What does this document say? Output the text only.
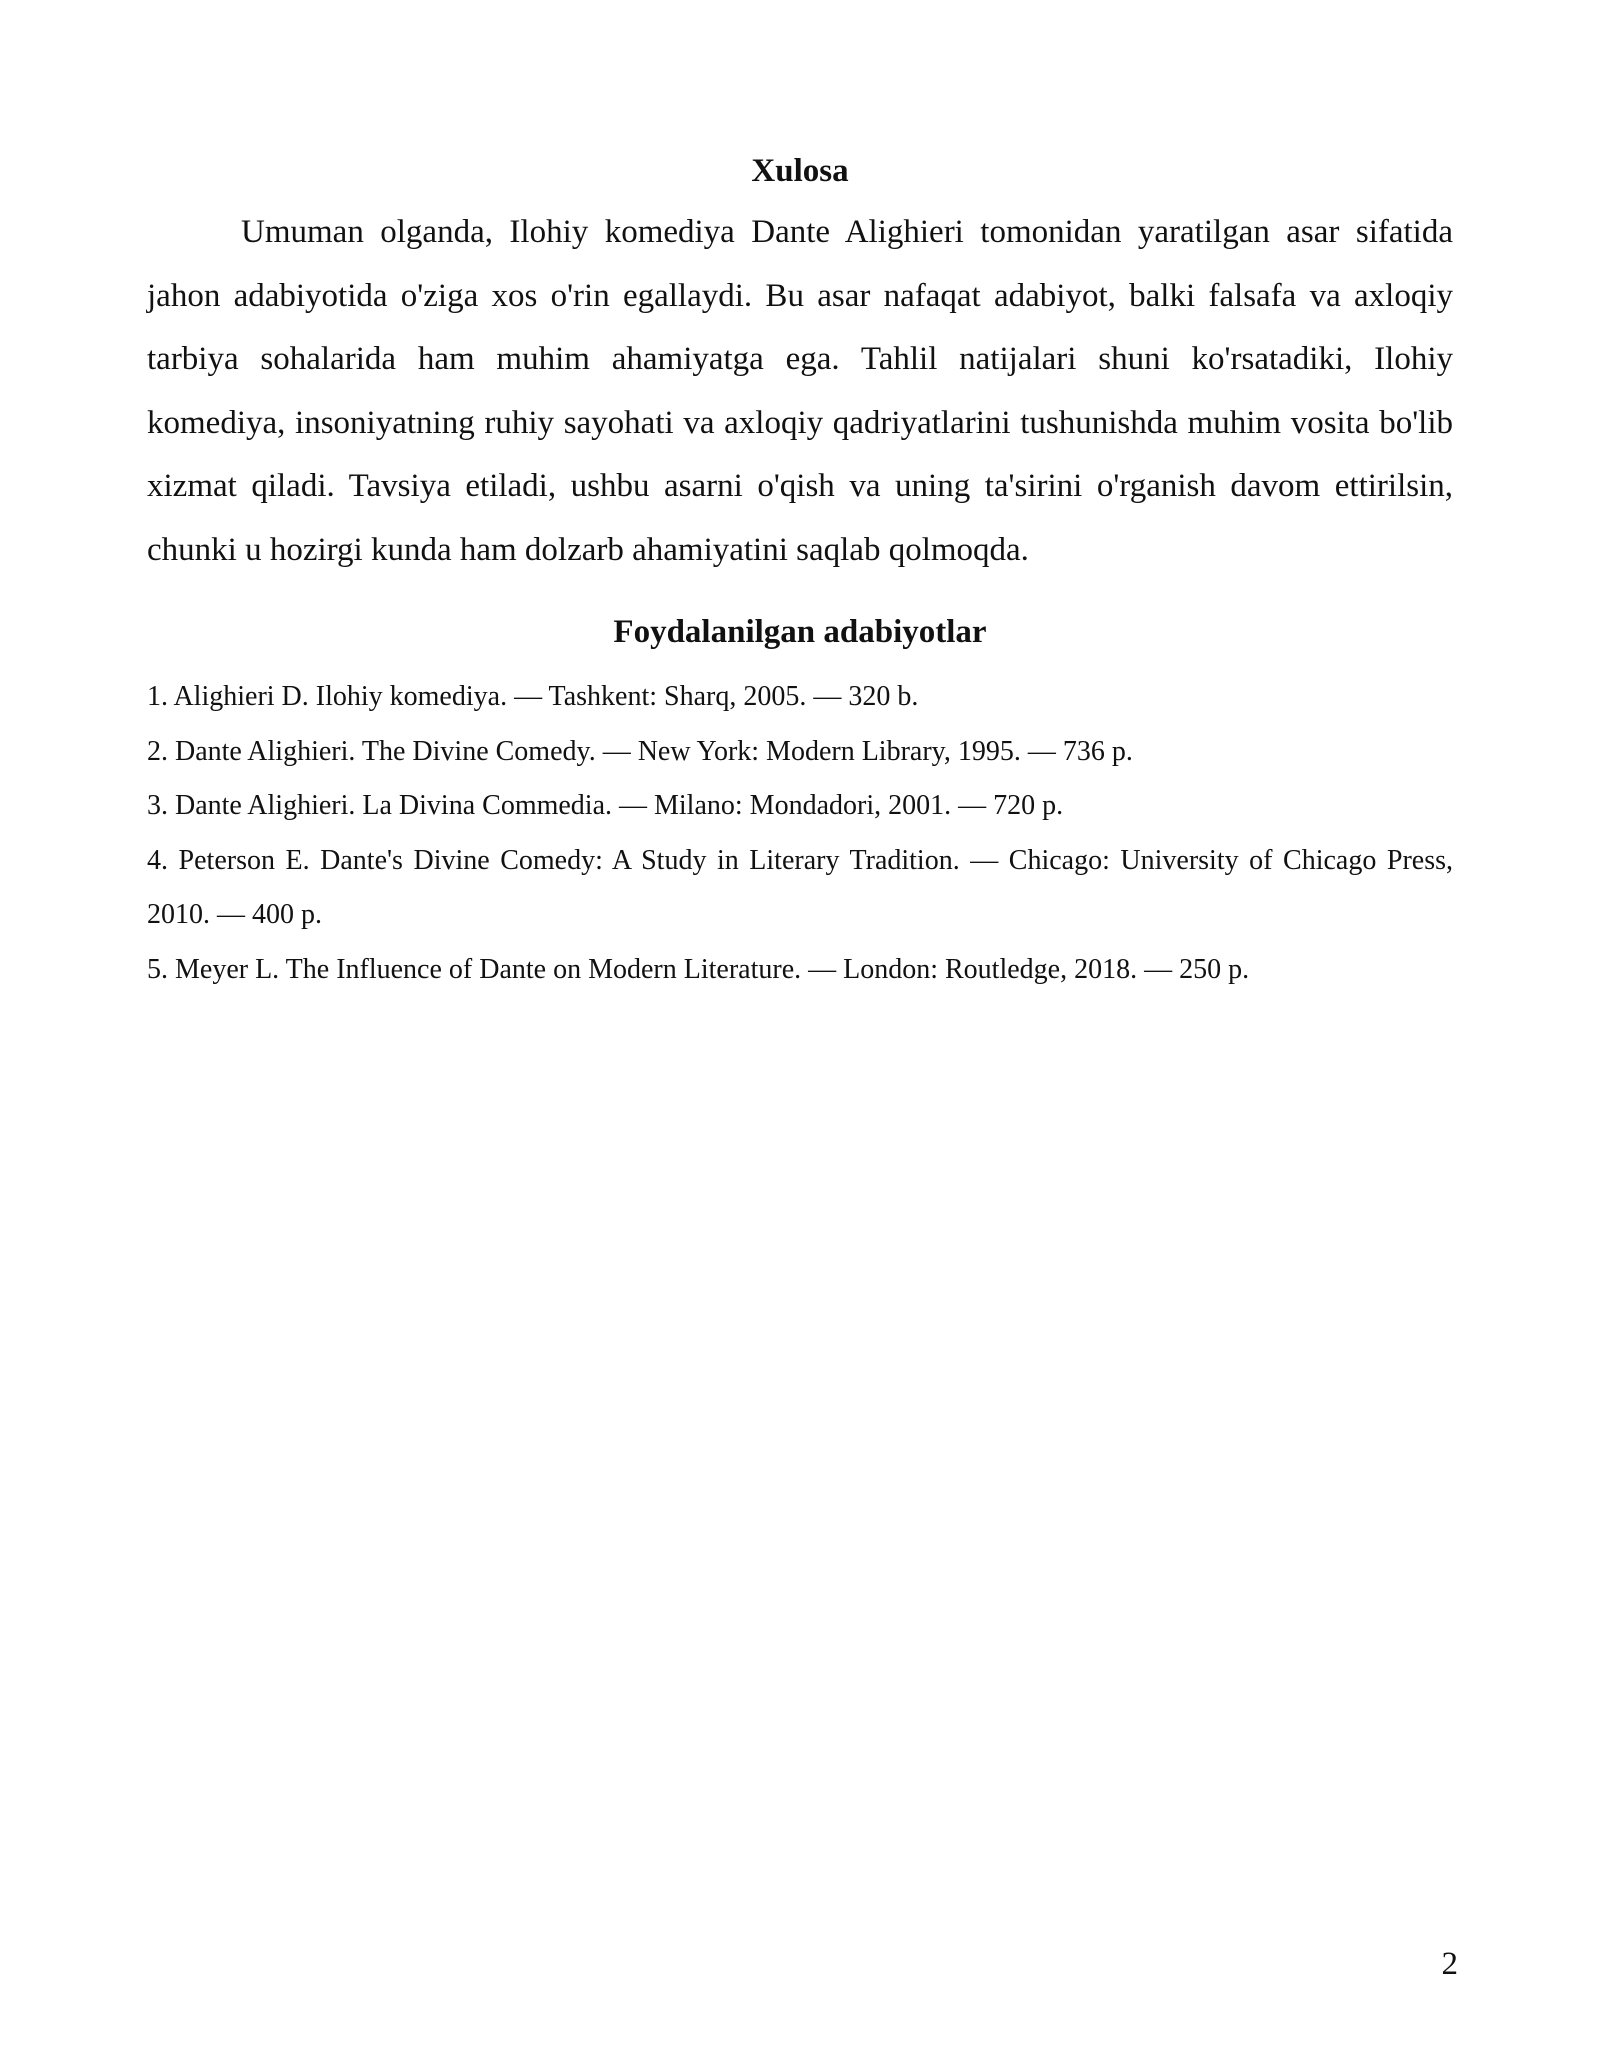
Xulosa

Umuman olganda, Ilohiy komediya Dante Alighieri tomonidan yaratilgan asar sifatida jahon adabiyotida o'ziga xos o'rin egallaydi. Bu asar nafaqat adabiyot, balki falsafa va axloqiy tarbiya sohalarida ham muhim ahamiyatga ega. Tahlil natijalari shuni ko'rsatadiki, Ilohiy komediya, insoniyatning ruhiy sayohati va axloqiy qadriyatlarini tushunishda muhim vosita bo'lib xizmat qiladi. Tavsiya etiladi, ushbu asarni o'qish va uning ta'sirini o'rganish davom ettirilsin, chunki u hozirgi kunda ham dolzarb ahamiyatini saqlab qolmoqda.

Foydalanilgan adabiyotlar
1. Alighieri D. Ilohiy komediya. — Tashkent: Sharq, 2005. — 320 b.
2. Dante Alighieri. The Divine Comedy. — New York: Modern Library, 1995. — 736 p.
3. Dante Alighieri. La Divina Commedia. — Milano: Mondadori, 2001. — 720 p.
4. Peterson E. Dante's Divine Comedy: A Study in Literary Tradition. — Chicago: University of Chicago Press, 2010. — 400 p.
5. Meyer L. The Influence of Dante on Modern Literature. — London: Routledge, 2018. — 250 p.
2
